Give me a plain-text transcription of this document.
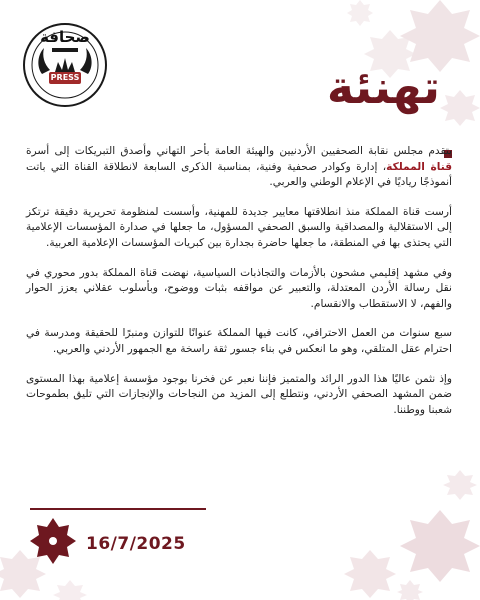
صحافة
PRESS	تهنئة

يتقدم مجلس نقابة الصحفيين الأردنيين والهيئة العامة بأحر التهاني وأصدق التبريكات إلى أسرة قناة المملكة، إدارة وكوادر صحفية وفنية، بمناسبة الذكرى السابعة لانطلاقة القناة التي باتت أنموذجًا رياديًا في الإعلام الوطني والعربي.

أرست قناة المملكة منذ انطلاقتها معايير جديدة للمهنية، وأسست لمنظومة تحريرية دقيقة ترتكز إلى الاستقلالية والمصداقية والسبق الصحفي المسؤول، ما جعلها في صدارة المؤسسات الإعلامية التي يحتذى بها في المنطقة، ما جعلها حاضرة بجدارة بين كبريات المؤسسات الإعلامية العربية.

وفي مشهد إقليمي مشحون بالأزمات والتجاذبات السياسية، نهضت قناة المملكة بدور محوري في نقل رسالة الأردن المعتدلة، والتعبير عن مواقفه بثبات ووضوح، وبأسلوب عقلاني يعزز الحوار والفهم، لا الاستقطاب والانقسام.

سبع سنوات من العمل الاحترافي، كانت فيها المملكة عنوانًا للتوازن ومنبرًا للحقيقة ومدرسة في احترام عقل المتلقي، وهو ما انعكس في بناء جسور ثقة راسخة مع الجمهور الأردني والعربي.

وإذ نثمن عاليًا هذا الدور الرائد والمتميز فإننا نعبر عن فخرنا بوجود مؤسسة إعلامية بهذا المستوى ضمن المشهد الصحفي الأردني، ونتطلع إلى المزيد من النجاحات والإنجازات التي تليق بطموحات شعبنا ووطننا.

16/7/2025
